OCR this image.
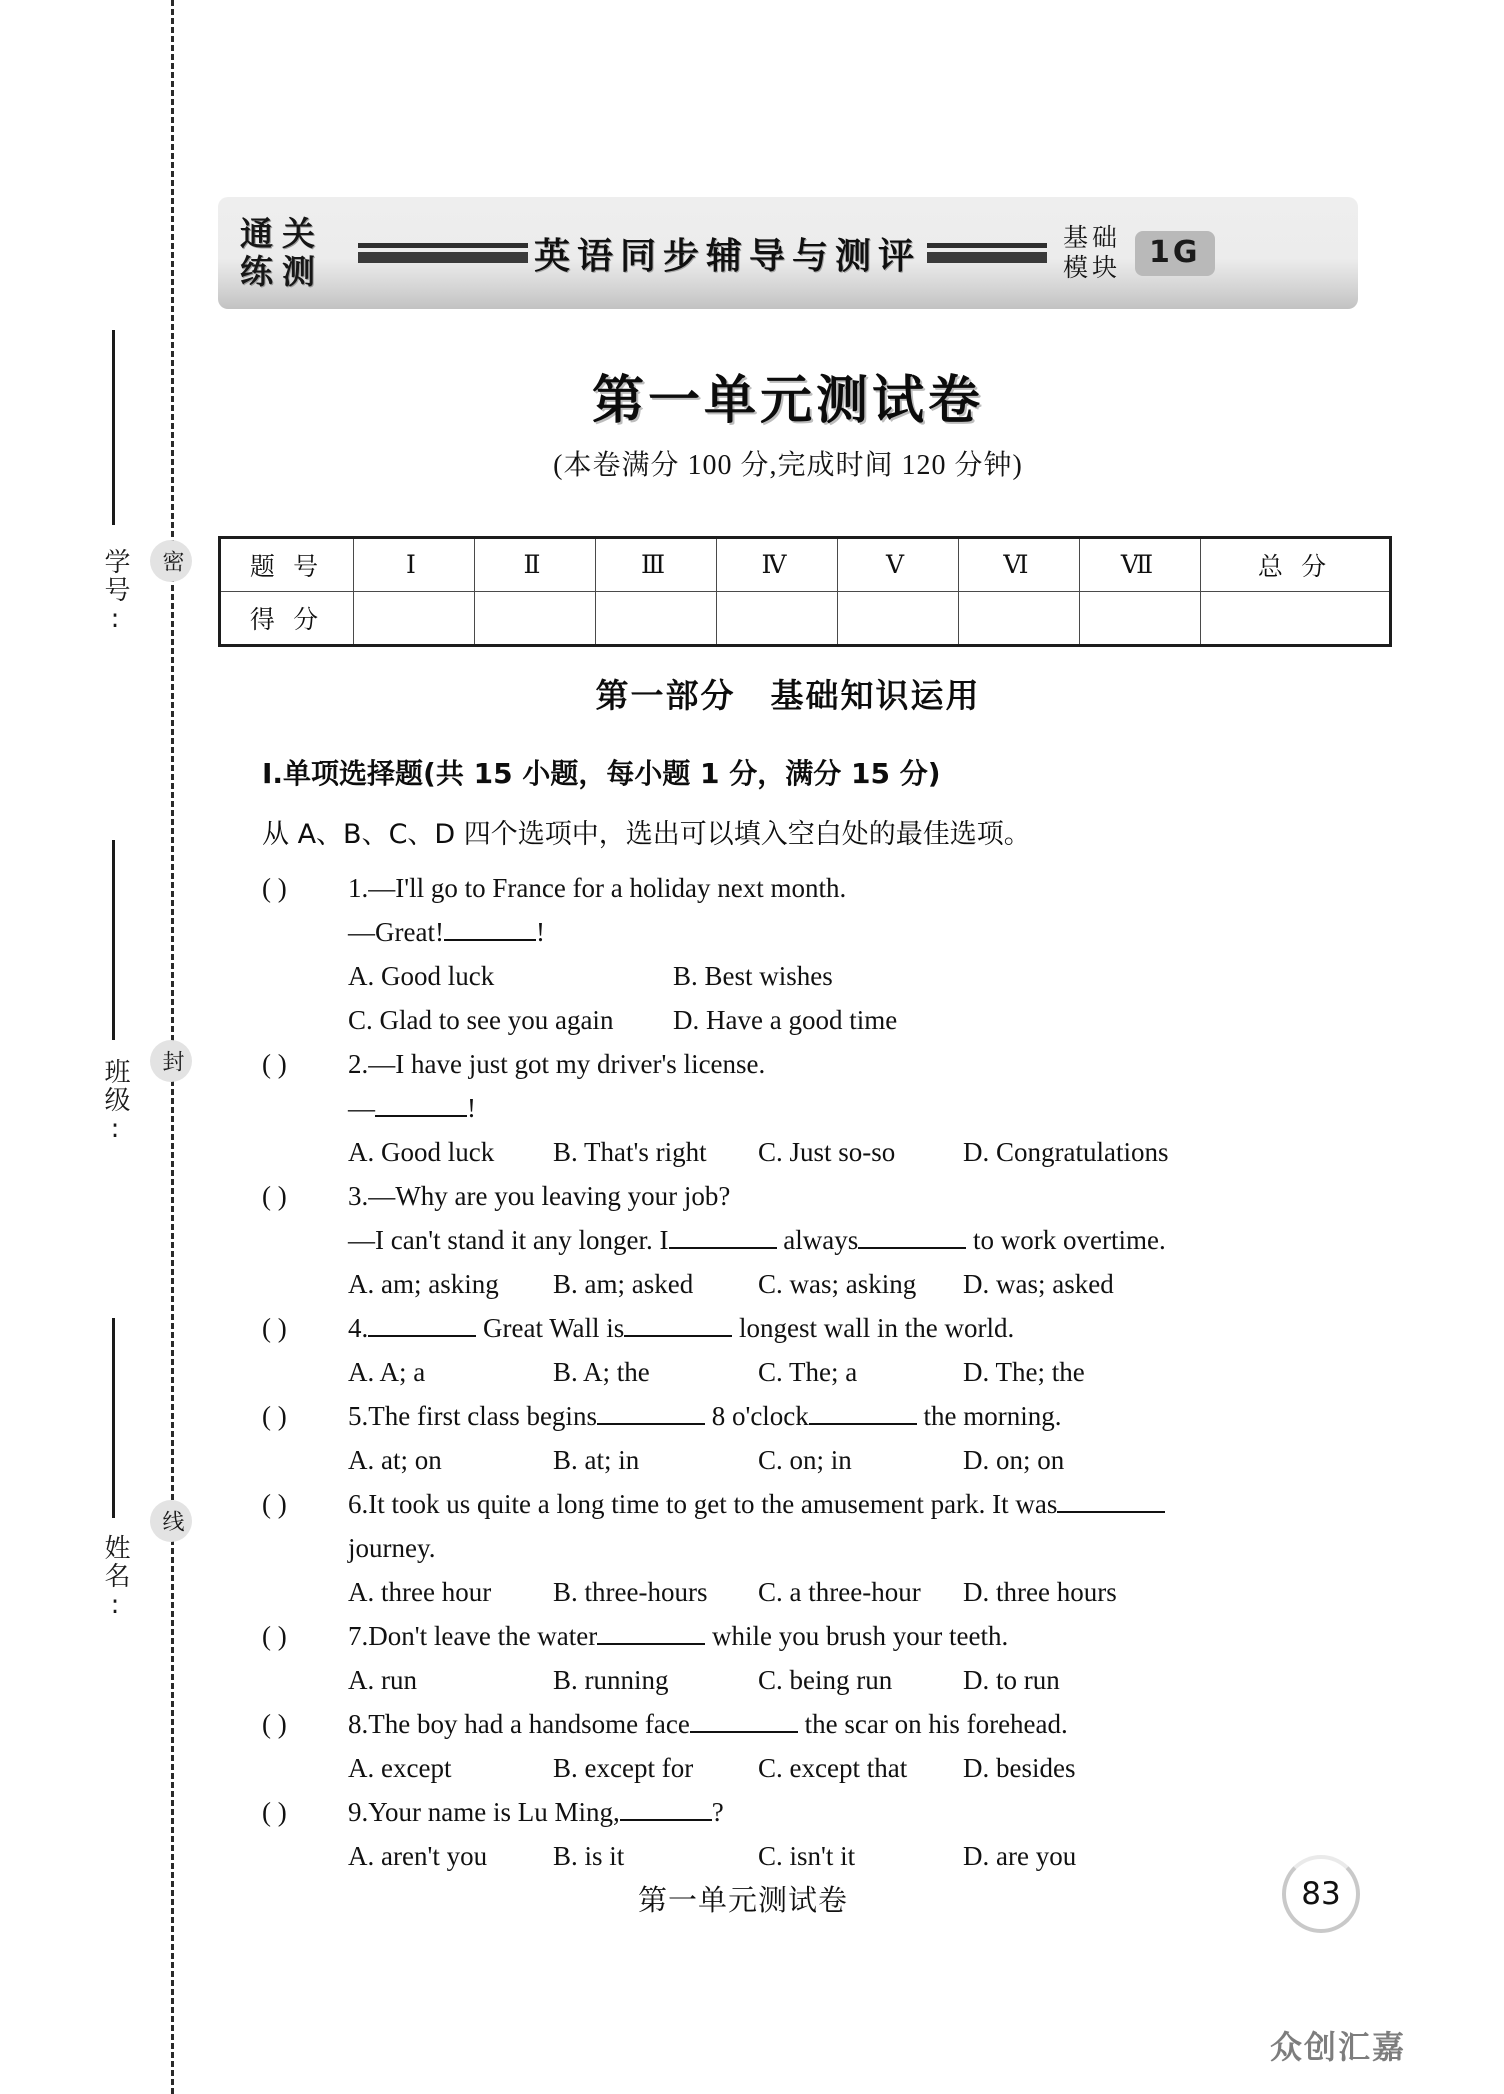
学号:
班级:
姓名:
密
封
线
通关
练测	英语同步辅导与测评	基础
模块 1G
第一单元测试卷
(本卷满分 100 分,完成时间 120 分钟)
题 号	Ⅰ	Ⅱ	Ⅲ	Ⅳ	Ⅴ	Ⅵ	Ⅶ	总 分
得 分								
第一部分　基础知识运用
Ⅰ.单项选择题(共 15 小题，每小题 1 分，满分 15 分)
从 A、B、C、D 四个选项中，选出可以填入空白处的最佳选项。
( ) 1.—I'll go to France for a holiday next month.
—Great!	!
A. Good luck	B. Best wishes
C. Glad to see you again D. Have a good time
( ) 2.—I have just got my driver's license.
—	!
A. Good luck B. That's right C. Just so-so	D. Congratulations
( ) 3.—Why are you leaving your job?
—I can't stand it any longer. I	always	to work overtime.
A. am; asking B. am; asked C. was; asking D. was; asked
( ) 4.	Great Wall is	longest wall in the world.
A. A; a	B. A; the	C. The; a	D. The; the
( ) 5.The first class begins	8 o'clock	the morning.
A. at; on	B. at; in	C. on; in	D. on; on
( ) 6.It took us quite a long time to get to the amusement park. It was
journey.
A. three hour B. three-hours C. a three-hour D. three hours
( ) 7.Don't leave the water	while you brush your teeth.
A. run	B. running	C. being run	D. to run
( ) 8.The boy had a handsome face	the scar on his forehead.
A. except	B. except for C. except that D. besides
( ) 9.Your name is Lu Ming,	?
A. aren't you B. is it	C. isn't it	D. are you
第一单元测试卷	83
众创汇嘉
